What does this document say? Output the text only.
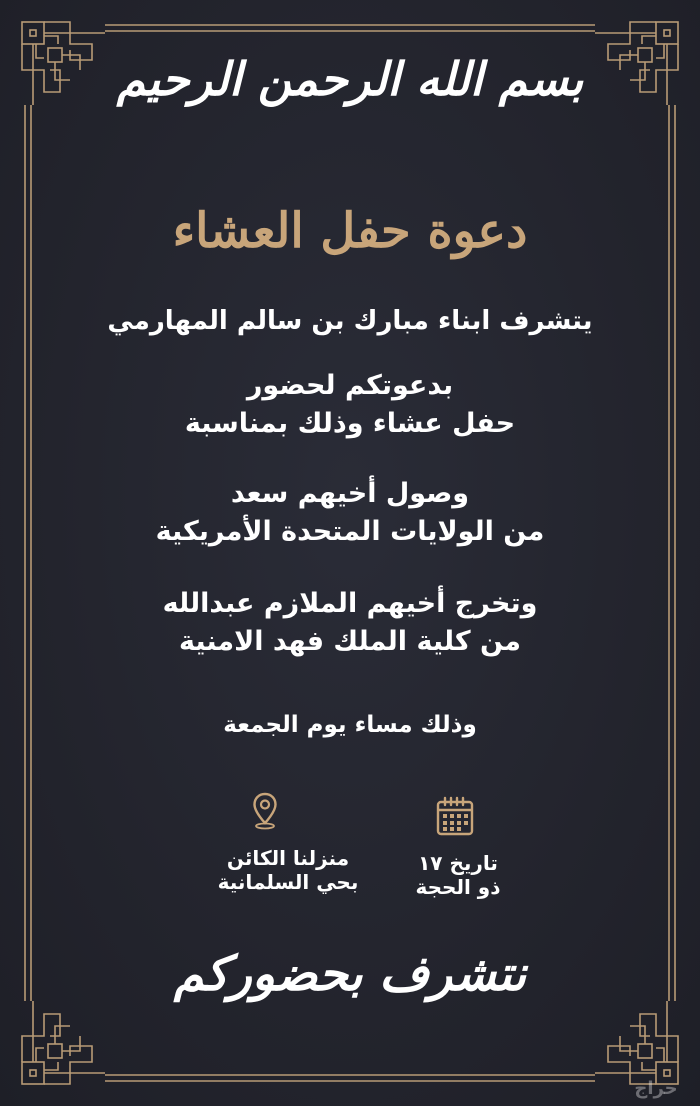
بسم الله الرحمن الرحيم
دعوة حفل العشاء
يتشرف ابناء مبارك بن سالم المهارمي
بدعوتكم لحضور
حفل عشاء وذلك بمناسبة
وصول أخيهم سعد
من الولايات المتحدة الأمريكية
وتخرج أخيهم الملازم عبدالله
من كلية الملك فهد الامنية
وذلك مساء يوم الجمعة
منزلنا الكائن
بحي السلمانية
تاريخ ١٧
ذو الحجة
نتشرف بحضوركم
حراج
